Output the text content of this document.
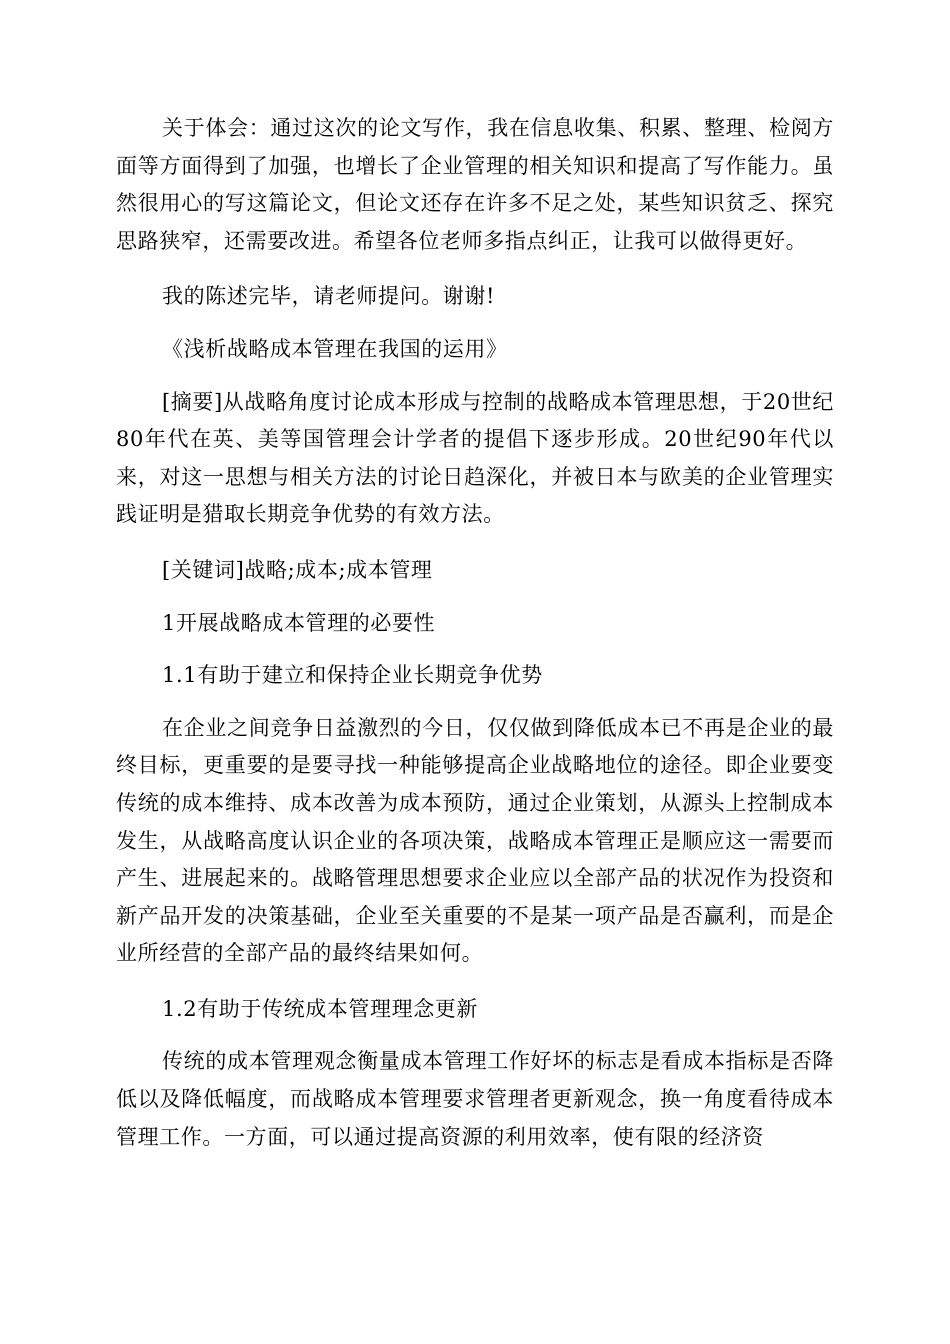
关于体会：通过这次的论文写作，我在信息收集、积累、整理、检阅方面等方面得到了加强，也增长了企业管理的相关知识和提高了写作能力。虽然很用心的写这篇论文，但论文还存在许多不足之处，某些知识贫乏、探究思路狭窄，还需要改进。希望各位老师多指点纠正，让我可以做得更好。

我的陈述完毕，请老师提问。谢谢!

《浅析战略成本管理在我国的运用》

[摘要]从战略角度讨论成本形成与控制的战略成本管理思想，于20世纪80年代在英、美等国管理会计学者的提倡下逐步形成。20世纪90年代以来，对这一思想与相关方法的讨论日趋深化，并被日本与欧美的企业管理实践证明是猎取长期竞争优势的有效方法。

[关键词]战略;成本;成本管理

1开展战略成本管理的必要性

1.1有助于建立和保持企业长期竞争优势

在企业之间竞争日益激烈的今日，仅仅做到降低成本已不再是企业的最终目标，更重要的是要寻找一种能够提高企业战略地位的途径。即企业要变传统的成本维持、成本改善为成本预防，通过企业策划，从源头上控制成本发生，从战略高度认识企业的各项决策，战略成本管理正是顺应这一需要而产生、进展起来的。战略管理思想要求企业应以全部产品的状况作为投资和新产品开发的决策基础，企业至关重要的不是某一项产品是否赢利，而是企业所经营的全部产品的最终结果如何。

1.2有助于传统成本管理理念更新

传统的成本管理观念衡量成本管理工作好坏的标志是看成本指标是否降低以及降低幅度，而战略成本管理要求管理者更新观念，换一角度看待成本管理工作。一方面，可以通过提高资源的利用效率，使有限的经济资
